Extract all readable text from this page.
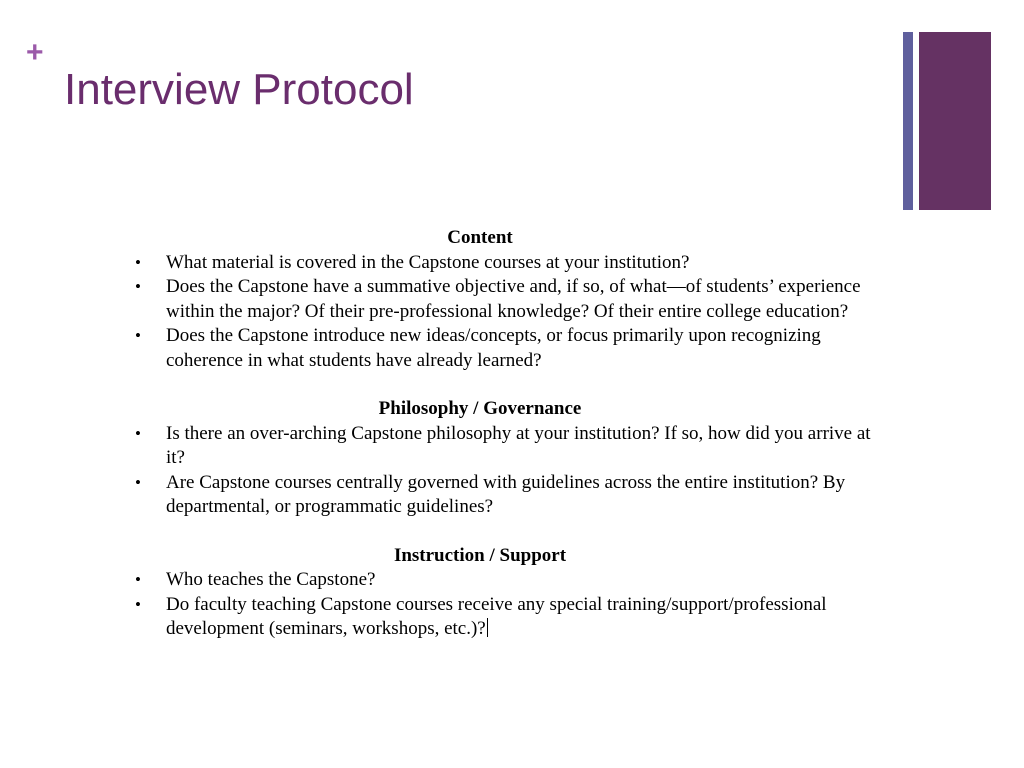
+
Interview Protocol
Content
• What material is covered in the Capstone courses at your institution?
• Does the Capstone have a summative objective and, if so, of what—of students’ experience within the major? Of their pre-professional knowledge? Of their entire college education?
• Does the Capstone introduce new ideas/concepts, or focus primarily upon recognizing coherence in what students have already learned?
Philosophy / Governance
• Is there an over-arching Capstone philosophy at your institution? If so, how did you arrive at it?
• Are Capstone courses centrally governed with guidelines across the entire institution? By departmental, or programmatic guidelines?
Instruction / Support
• Who teaches the Capstone?
• Do faculty teaching Capstone courses receive any special training/support/professional development (seminars, workshops, etc.)?
